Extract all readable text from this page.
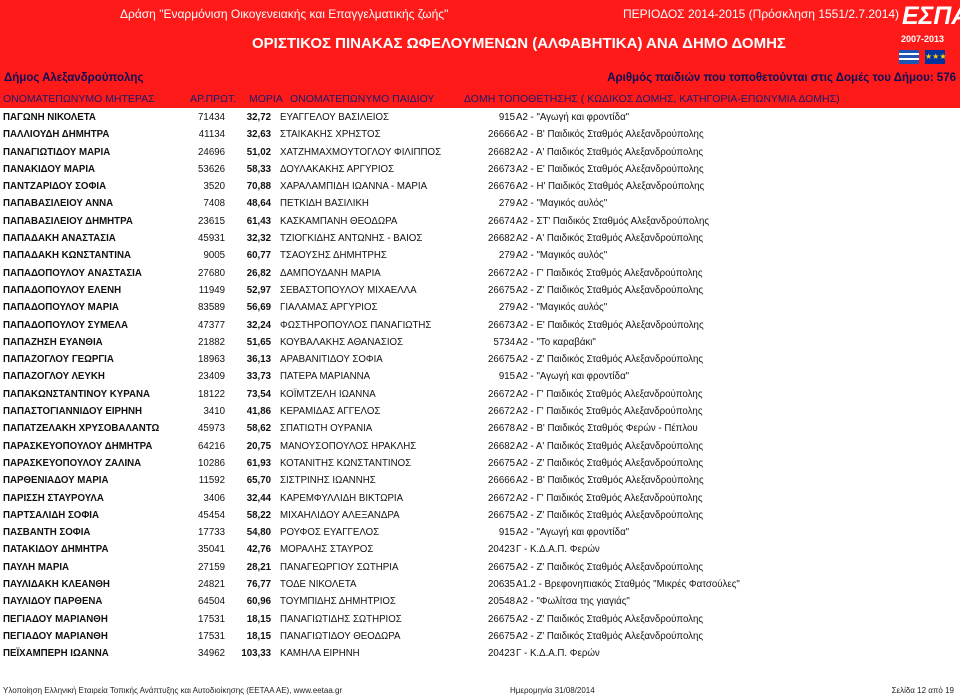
Δράση "Εναρμόνιση Οικογενειακής και Επαγγελματικής ζωής"	ΠΕΡΙΟΔΟΣ 2014-2015 (Πρόσκληση 1551/2.7.2014)
ΟΡΙΣΤΙΚΟΣ ΠΙΝΑΚΑΣ ΩΦΕΛΟΥΜΕΝΩΝ (ΑΛΦΑΒΗΤΙΚΑ) ΑΝΑ ΔΗΜΟ ΔΟΜΗΣ
ΕΣΠΑ
2007-2013
★★★
Δήμος Αλεξανδρούπολης	Αριθμός παιδιών που τοποθετούνται στις Δομές του Δήμου: 576
ΟΝΟΜΑΤΕΠΩΝΥΜΟ ΜΗΤΕΡΑΣ	ΑΡ.ΠΡΩΤ. ΜΟΡΙΑ ΟΝΟΜΑΤΕΠΩΝΥΜΟ ΠΑΙΔΙΟΥ	ΔΟΜΗ ΤΟΠΟΘΕΤΗΣΗΣ ( ΚΩΔΙΚΟΣ ΔΟΜΗΣ, ΚΑΤΗΓΟΡΙΑ-ΕΠΩΝΥΜΙΑ ΔΟΜΗΣ)
ΠΑΓΩΝΗ ΝΙΚΟΛΕΤΑ	71434 32,72 ΕΥΑΓΓΕΛΟΥ ΒΑΣΙΛΕΙΟΣ	915 Α2 - "Αγωγή και φροντίδα"
ΠΑΛΛΙΟΥΔΗ ΔΗΜΗΤΡΑ	41134 32,63 ΣΤΑΙΚΑΚΗΣ ΧΡΗΣΤΟΣ	26666 Α2 - Β' Παιδικός Σταθμός Αλεξανδρούπολης
ΠΑΝΑΓΙΩΤΙΔΟΥ ΜΑΡΙΑ	24696 51,02 ΧΑΤΖΗΜΑΧΜΟΥΤΟΓΛΟΥ ΦΙΛΙΠΠΟΣ	26682 Α2 - Α' Παιδικός Σταθμός Αλεξανδρούπολης
ΠΑΝΑΚΙΔΟΥ ΜΑΡΙΑ	53626 58,33 ΔΟΥΛΑΚΑΚΗΣ ΑΡΓΥΡΙΟΣ	26673 Α2 - Ε' Παιδικός Σταθμός Αλεξανδρούπολης
ΠΑΝΤΖΑΡΙΔΟΥ ΣΟΦΙΑ	3520 70,88 ΧΑΡΑΛΑΜΠΙΔΗ ΙΩΑΝΝΑ - ΜΑΡΙΑ	26676 Α2 - Η' Παιδικός Σταθμός Αλεξανδρούπολης
ΠΑΠΑΒΑΣΙΛΕΙΟΥ ΑΝΝΑ	7408 48,64 ΠΕΤΚΙΔΗ ΒΑΣΙΛΙΚΗ	279 Α2 - "Μαγικός αυλός"
ΠΑΠΑΒΑΣΙΛΕΙΟΥ ΔΗΜΗΤΡΑ	23615 61,43 ΚΑΣΚΑΜΠΑΝΗ ΘΕΟΔΩΡΑ	26674 Α2 - ΣΤ' Παιδικός Σταθμός Αλεξανδρούπολης
ΠΑΠΑΔΑΚΗ ΑΝΑΣΤΑΣΙΑ	45931 32,32 ΤΖΙΟΓΚΙΔΗΣ ΑΝΤΩΝΗΣ - ΒΑΙΟΣ	26682 Α2 - Α' Παιδικός Σταθμός Αλεξανδρούπολης
ΠΑΠΑΔΑΚΗ ΚΩΝΣΤΑΝΤΙΝΑ	9005 60,77 ΤΣΑΟΥΣΗΣ ΔΗΜΗΤΡΗΣ	279 Α2 - "Μαγικός αυλός"
ΠΑΠΑΔΟΠΟΥΛΟΥ ΑΝΑΣΤΑΣΙΑ	27680 26,82 ΔΑΜΠΟΥΔΑΝΗ ΜΑΡΙΑ	26672 Α2 - Γ' Παιδικός Σταθμός Αλεξανδρούπολης
ΠΑΠΑΔΟΠΟΥΛΟΥ ΕΛΕΝΗ	11949 52,97 ΣΕΒΑΣΤΟΠΟΥΛΟΥ ΜΙΧΑΕΛΛΑ	26675 Α2 - Ζ' Παιδικός Σταθμός Αλεξανδρούπολης
ΠΑΠΑΔΟΠΟΥΛΟΥ ΜΑΡΙΑ	83589 56,69 ΓΙΑΛΑΜΑΣ ΑΡΓΥΡΙΟΣ	279 Α2 - "Μαγικός αυλός"
ΠΑΠΑΔΟΠΟΥΛΟΥ ΣΥΜΕΛΑ	47377 32,24 ΦΩΣΤΗΡΟΠΟΥΛΟΣ ΠΑΝΑΓΙΩΤΗΣ	26673 Α2 - Ε' Παιδικός Σταθμός Αλεξανδρούπολης
ΠΑΠΑΖΗΣΗ ΕΥΑΝΘΙΑ	21882 51,65 ΚΟΥΒΑΛΑΚΗΣ ΑΘΑΝΑΣΙΟΣ	5734 Α2 - "Το καραβάκι"
ΠΑΠΑΖΟΓΛΟΥ ΓΕΩΡΓΙΑ	18963 36,13 ΑΡΑΒΑΝΙΤΙΔΟΥ ΣΟΦΙΑ	26675 Α2 - Ζ' Παιδικός Σταθμός Αλεξανδρούπολης
ΠΑΠΑΖΟΓΛΟΥ ΛΕΥΚΗ	23409 33,73 ΠΑΤΕΡΑ ΜΑΡΙΑΝΝΑ	915 Α2 - "Αγωγή και φροντίδα"
ΠΑΠΑΚΩΝΣΤΑΝΤΙΝΟΥ ΚΥΡΑΝΑ	18122 73,54 ΚΟΪΜΤΖΕΛΗ ΙΩΑΝΝΑ	26672 Α2 - Γ' Παιδικός Σταθμός Αλεξανδρούπολης
ΠΑΠΑΣΤΟΓΙΑΝΝΙΔΟΥ ΕΙΡΗΝΗ	3410 41,86 ΚΕΡΑΜΙΔΑΣ ΑΓΓΕΛΟΣ	26672 Α2 - Γ' Παιδικός Σταθμός Αλεξανδρούπολης
ΠΑΠΑΤΖΕΛΑΚΗ ΧΡΥΣΟΒΑΛΑΝΤΩ	45973 58,62 ΣΠΑΤΙΩΤΗ ΟΥΡΑΝΙΑ	26678 Α2 - Β' Παιδικός Σταθμός Φερών - Πέπλου
ΠΑΡΑΣΚΕΥΟΠΟΥΛΟΥ ΔΗΜΗΤΡΑ	64216 20,75 ΜΑΝΟΥΣΟΠΟΥΛΟΣ ΗΡΑΚΛΗΣ	26682 Α2 - Α' Παιδικός Σταθμός Αλεξανδρούπολης
ΠΑΡΑΣΚΕΥΟΠΟΥΛΟΥ ΖΑΛΙΝΑ	10286 61,93 ΚΟΤΑΝΙΤΗΣ ΚΩΝΣΤΑΝΤΙΝΟΣ	26675 Α2 - Ζ' Παιδικός Σταθμός Αλεξανδρούπολης
ΠΑΡΘΕΝΙΑΔΟΥ ΜΑΡΙΑ	11592 65,70 ΣΙΣΤΡΙΝΗΣ ΙΩΑΝΝΗΣ	26666 Α2 - Β' Παιδικός Σταθμός Αλεξανδρούπολης
ΠΑΡΙΣΣΗ ΣΤΑΥΡΟΥΛΑ	3406 32,44 ΚΑΡΕΜΦΥΛΛΙΔΗ ΒΙΚΤΩΡΙΑ	26672 Α2 - Γ' Παιδικός Σταθμός Αλεξανδρούπολης
ΠΑΡΤΣΑΛΙΔΗ ΣΟΦΙΑ	45454 58,22 ΜΙΧΑΗΛΙΔΟΥ ΑΛΕΞΑΝΔΡΑ	26675 Α2 - Ζ' Παιδικός Σταθμός Αλεξανδρούπολης
ΠΑΣΒΑΝΤΗ ΣΟΦΙΑ	17733 54,80 ΡΟΥΦΟΣ ΕΥΑΓΓΕΛΟΣ	915 Α2 - "Αγωγή και φροντίδα"
ΠΑΤΑΚΙΔΟΥ ΔΗΜΗΤΡΑ	35041 42,76 ΜΟΡΑΛΗΣ ΣΤΑΥΡΟΣ	20423 Γ - Κ.Δ.Α.Π. Φερών
ΠΑΥΛΗ ΜΑΡΙΑ	27159 28,21 ΠΑΝΑΓΕΩΡΓΙΟΥ ΣΩΤΗΡΙΑ	26675 Α2 - Ζ' Παιδικός Σταθμός Αλεξανδρούπολης
ΠΑΥΛΙΔΑΚΗ ΚΛΕΑΝΘΗ	24821 76,77 ΤΟΔΕ ΝΙΚΟΛΕΤΑ	20635 Α1.2 - Βρεφονηπιακός Σταθμός "Μικρές Φατσούλες"
ΠΑΥΛΙΔΟΥ ΠΑΡΘΕΝΑ	64504 60,96 ΤΟΥΜΠΙΔΗΣ ΔΗΜΗΤΡΙΟΣ	20548 Α2 - "Φωλίτσα της γιαγιάς"
ΠΕΓΙΑΔΟΥ ΜΑΡΙΑΝΘΗ	17531 18,15 ΠΑΝΑΓΙΩΤΙΔΗΣ ΣΩΤΗΡΙΟΣ	26675 Α2 - Ζ' Παιδικός Σταθμός Αλεξανδρούπολης
ΠΕΓΙΑΔΟΥ ΜΑΡΙΑΝΘΗ	17531 18,15 ΠΑΝΑΓΙΩΤΙΔΟΥ ΘΕΟΔΩΡΑ	26675 Α2 - Ζ' Παιδικός Σταθμός Αλεξανδρούπολης
ΠΕΪΧΑΜΠΕΡΗ ΙΩΑΝΝΑ	34962 103,33 ΚΑΜΗΛΑ ΕΙΡΗΝΗ	20423 Γ - Κ.Δ.Α.Π. Φερών
Υλοποίηση Ελληνική Εταιρεία Τοπικής Ανάπτυξης και Αυτοδιοίκησης (ΕΕΤΑΑ ΑΕ), www.eetaa.gr	Ημερομηνία 31/08/2014	Σελίδα 12 από 19
